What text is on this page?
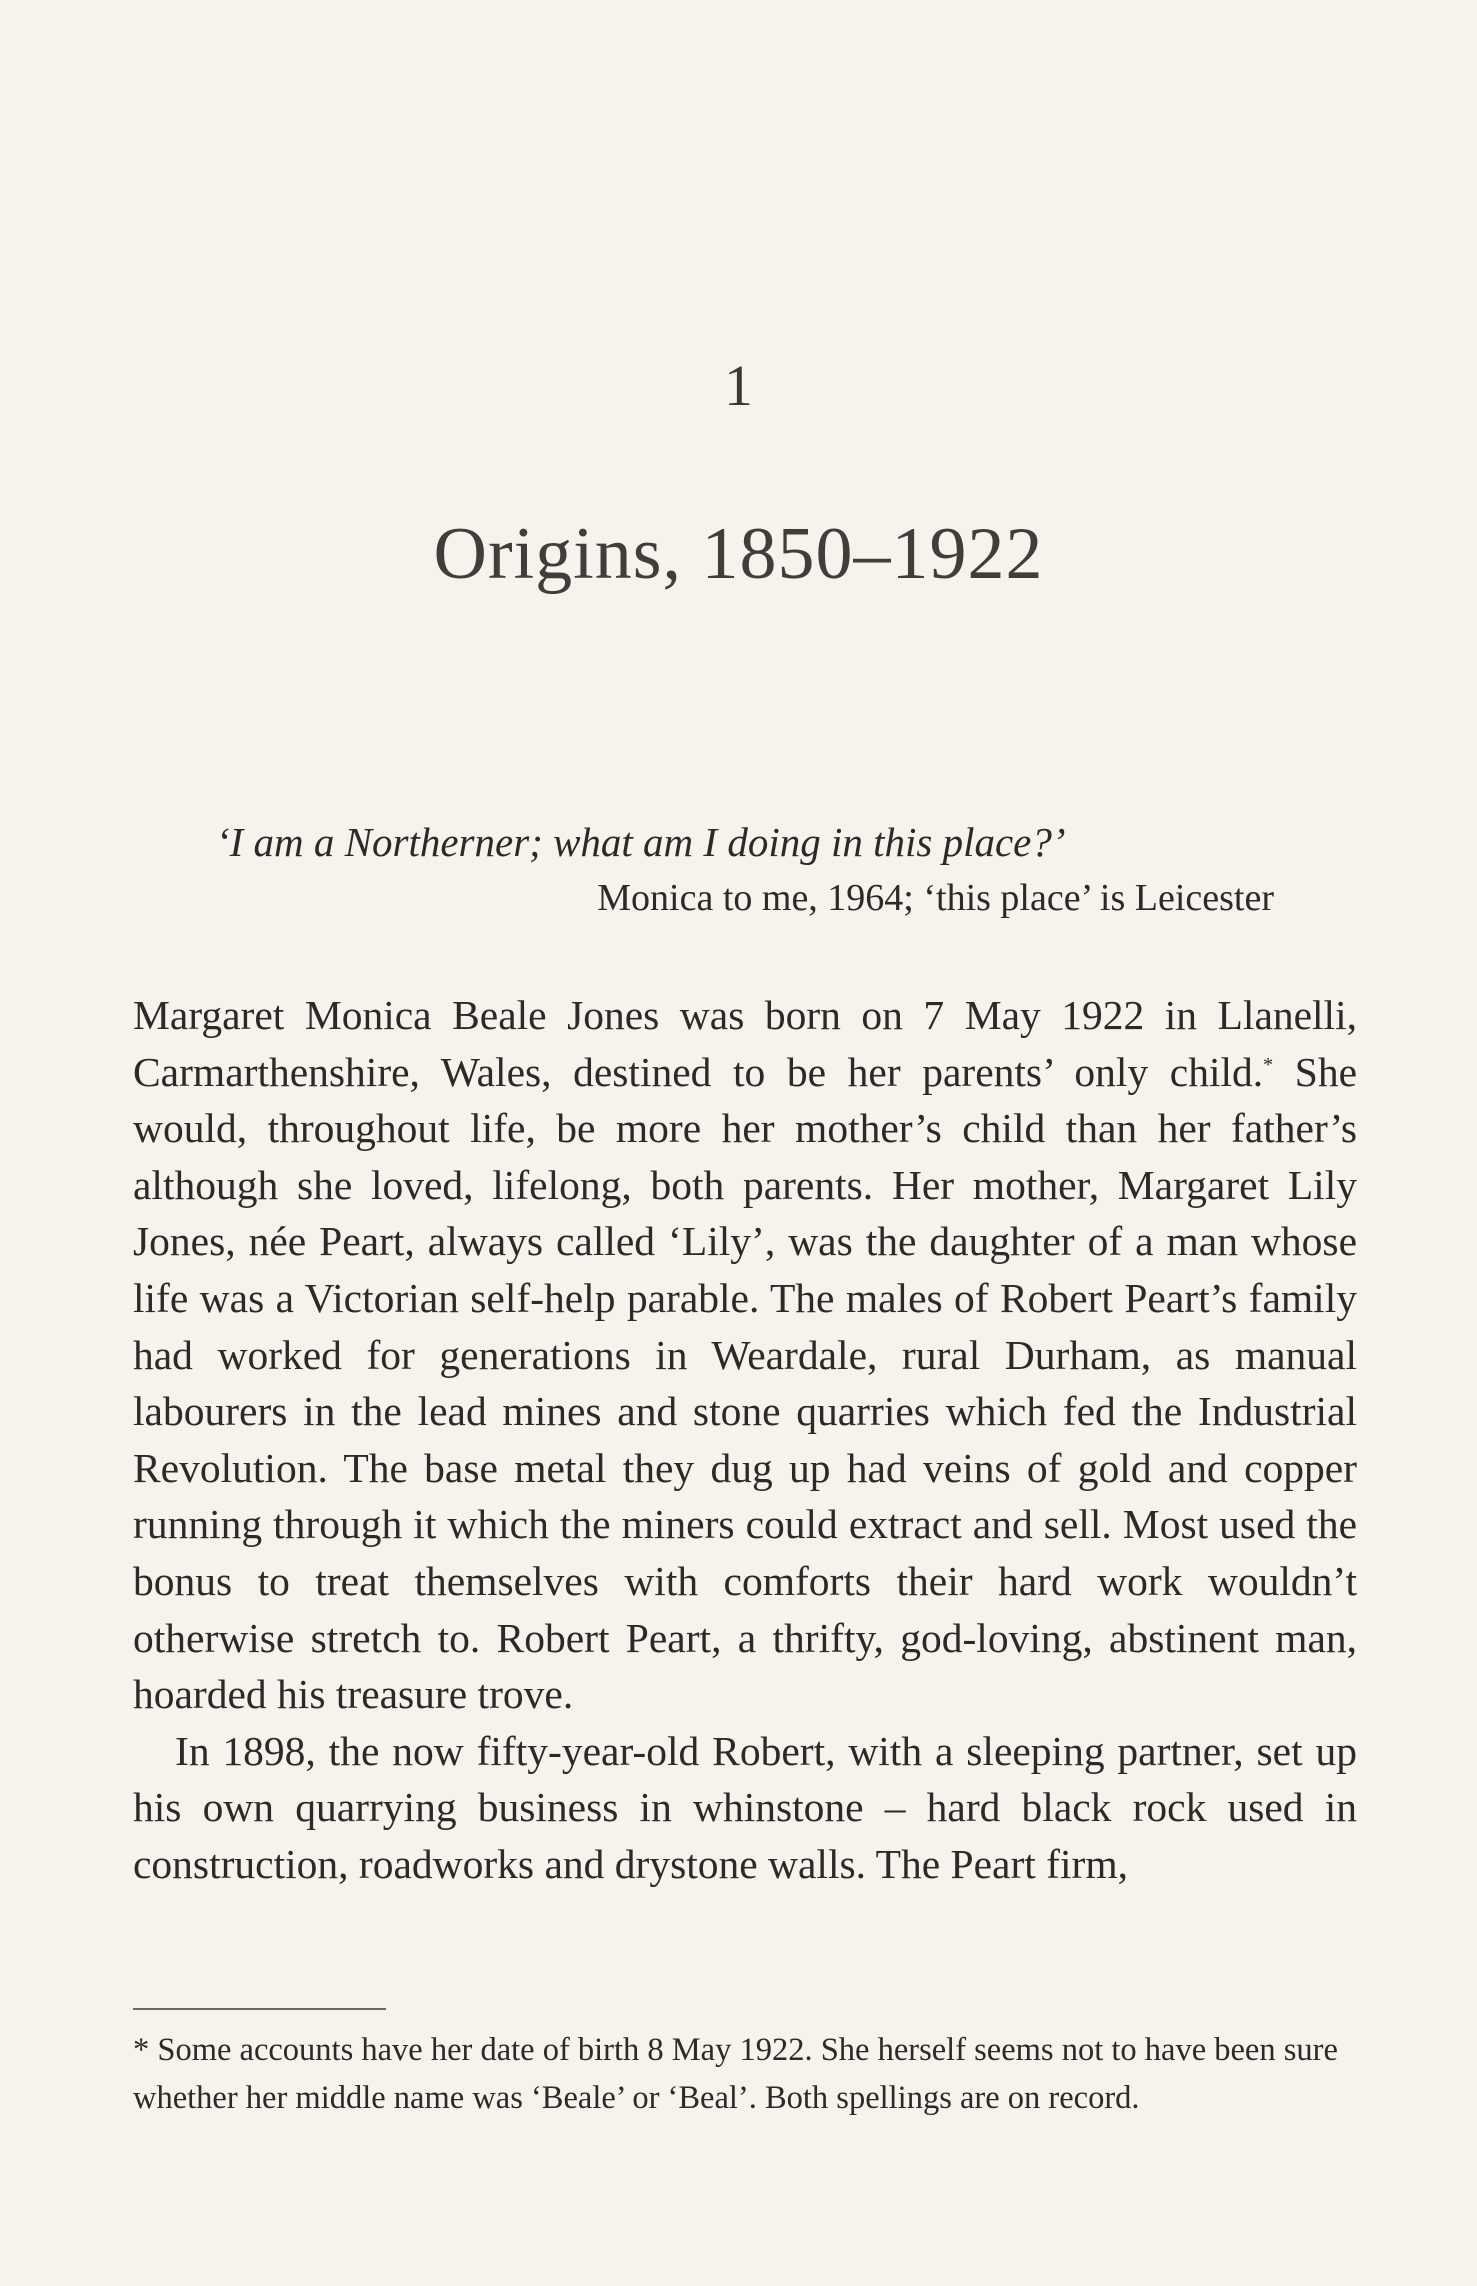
1
Origins, 1850–1922
‘I am a Northerner; what am I doing in this place?’
Monica to me, 1964; ‘this place’ is Leicester

Margaret Monica Beale Jones was born on 7 May 1922 in Llanelli, Carmarthenshire, Wales, destined to be her parents’ only child.* She would, throughout life, be more her mother’s child than her father’s although she loved, lifelong, both parents. Her mother, Margaret Lily Jones, née Peart, always called ‘Lily’, was the daughter of a man whose life was a Victorian self-help parable. The males of Robert Peart’s family had worked for generations in Weardale, rural Durham, as manual labourers in the lead mines and stone quarries which fed the Industrial Revolution. The base metal they dug up had veins of gold and copper running through it which the miners could extract and sell. Most used the bonus to treat themselves with comforts their hard work wouldn’t otherwise stretch to. Robert Peart, a thrifty, god-loving, abstinent man, hoarded his treasure trove.

In 1898, the now fifty-year-old Robert, with a sleeping partner, set up his own quarrying business in whinstone – hard black rock used in construction, roadworks and drystone walls. The Peart firm,

* Some accounts have her date of birth 8 May 1922. She herself seems not to have been sure whether her middle name was ‘Beale’ or ‘Beal’. Both spellings are on record.
